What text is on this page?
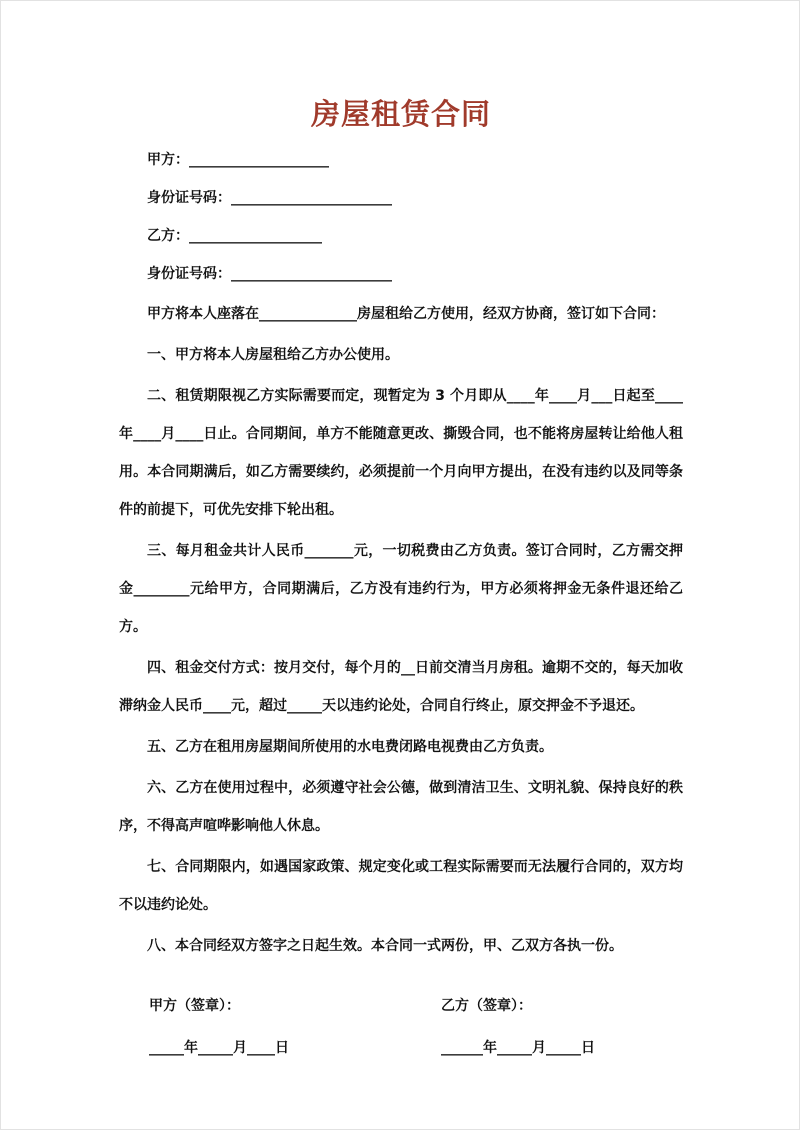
房屋租赁合同

甲方：____________________

身份证号码：_______________________

乙方：___________________

身份证号码：_______________________

甲方将本人座落在______________房屋租给乙方使用，经双方协商，签订如下合同：

一、甲方将本人房屋租给乙方办公使用。

二、租赁期限视乙方实际需要而定，现暂定为 3 个月即从____年____月___日起至____年____月____日止。合同期间，单方不能随意更改、撕毁合同，也不能将房屋转让给他人租用。本合同期满后，如乙方需要续约，必须提前一个月向甲方提出，在没有违约以及同等条件的前提下，可优先安排下轮出租。

三、每月租金共计人民币_______元，一切税费由乙方负责。签订合同时，乙方需交押金________元给甲方，合同期满后，乙方没有违约行为，甲方必须将押金无条件退还给乙方。

四、租金交付方式：按月交付，每个月的__日前交清当月房租。逾期不交的，每天加收滞纳金人民币____元，超过_____天以违约论处，合同自行终止，原交押金不予退还。

五、乙方在租用房屋期间所使用的水电费闭路电视费由乙方负责。

六、乙方在使用过程中，必须遵守社会公德，做到清洁卫生、文明礼貌、保持良好的秩序，不得高声喧哗影响他人休息。

七、合同期限内，如遇国家政策、规定变化或工程实际需要而无法履行合同的，双方均不以违约论处。

八、本合同经双方签字之日起生效。本合同一式两份，甲、乙双方各执一份。

甲方（签章）：	乙方（签章）：
_____年_____月____日	______年_____月_____日
